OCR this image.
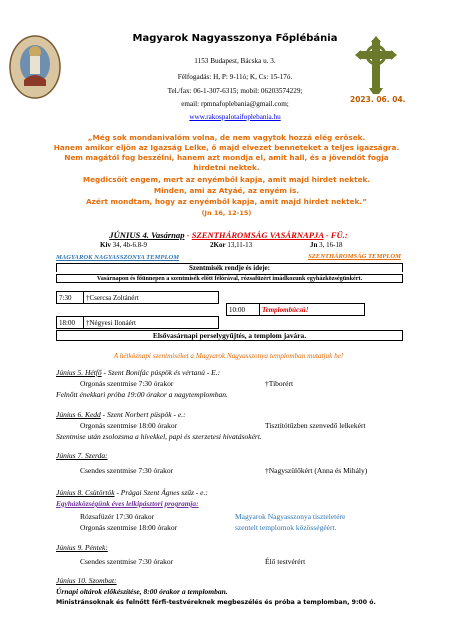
Magyarok Nagyasszonya Főplébánia
1153 Budapest, Bácska u. 3.
Félfogadás: H, P: 9-11ó; K, Cs: 15-17ó.
Tel./fax: 06-1-307-6315; mobil: 06203574229;
email: rpmnafoplebania@gmail.com;
www.rakospalotaifoplebania.hu
2023. 06. 04.
„Még sok mondanivalóm volna, de nem vagytok hozzá elég erősek.
Hanem amikor eljön az Igazság Lelke, ő majd elvezet benneteket a teljes igazságra.
Nem magától fog beszélni, hanem azt mondja el, amit hall, és a jövendőt fogja
hirdetni nektek.
Megdicsőít engem, mert az enyémből kapja, amit majd hirdet nektek.
Minden, ami az Atyáé, az enyém is.
Azért mondtam, hogy az enyémből kapja, amit majd hirdet nektek.”
(Jn 16, 12-15)
JÚNIUS 4. Vasárnap - SZENTHÁROMSÁG VASÁRNAPJA - FÜ.:
Kiv 34, 4b-6.8-9	2Kor 13,11-13	Jn 3, 16-18
MAGYAROK NAGYASSZONYA TEMPLOM	SZENTHÁROMSÁG TEMPLOM
Szentmisék rendje és ideje:
Vasárnapon és főünnepen a szentmisék előtt félórával, rózsafüzért imádkozunk egyházközségünkért.
7:30	†Csercsa Zoltánért
10:00	Templombúcsú!
18:00	†Négyesi Ilonáért
Elsővasárnapi perselygyűjtés, a templom javára.
A hétköznapi szentmiséket a Magyarok Nagyasszonya templomban mutatjuk be!
Június 5. Hétfő - Szent Bonifác püspök és vértanú - E.:
Orgonás szentmise 7:30 órakor	†Tiborért
Felnőtt énekkari próba 19:00 órakor a nagytemplomban.
Június 6. Kedd - Szent Norbert püspök - e.:
Orgonás szentmise 18:00 órakor	Tisztítótűzben szenvedő lelkekért
Szentmise után zsolozsma a hívekkel, papi és szerzetesi hivatásokért.
Június 7. Szerda:
Csendes szentmise 7:30 órakor	†Nagyszülőkért (Anna és Mihály)
Június 8. Csütörtök - Prágai Szent Ágnes szűz - e.:
Egyházközségünk éves lelkipásztori programja:
Rózsafüzér 17:30 órakor	Magyarok Nagyasszonya tiszteletére
Orgonás szentmise 18:00 órakor	szentelt templomok közösségéért.
Június 9. Péntek:
Csendes szentmise 7:30 órakor	Élő testvérért
Június 10. Szombat:
Úrnapi oltárok előkészítése, 8:00 órakor a templomban.
Ministránsoknak és felnőtt férfi-testvéreknek megbeszélés és próba a templomban, 9:00 ó.
